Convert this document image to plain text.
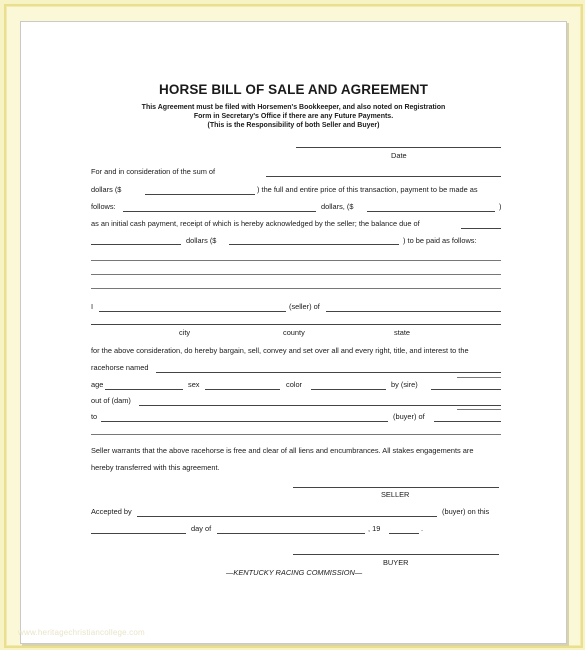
HORSE BILL OF SALE AND AGREEMENT
This Agreement must be filed with Horsemen's Bookkeeper, and also noted on Registration
Form in Secretary's Office if there are any Future Payments.
(This is the Responsibility of both Seller and Buyer)
Date
For and in consideration of the sum of
dollars ($	) the full and entire price of this transaction, payment to be made as
follows:	dollars, ($	)
as an initial cash payment, receipt of which is hereby acknowledged by the seller; the balance due of
dollars ($	) to be paid as follows:
I	(seller) of
city	county	state
for the above consideration, do hereby bargain, sell, convey and set over all and every right, title, and interest to the
racehorse named
age	sex	color	by (sire)
out of (dam)
to	(buyer) of
Seller warrants that the above racehorse is free and clear of all liens and encumbrances. All stakes engagements are
hereby transferred with this agreement.
SELLER
Accepted by	(buyer) on this
day of	, 19	.
BUYER
—KENTUCKY RACING COMMISSION—
www.heritagechristiancollege.com
